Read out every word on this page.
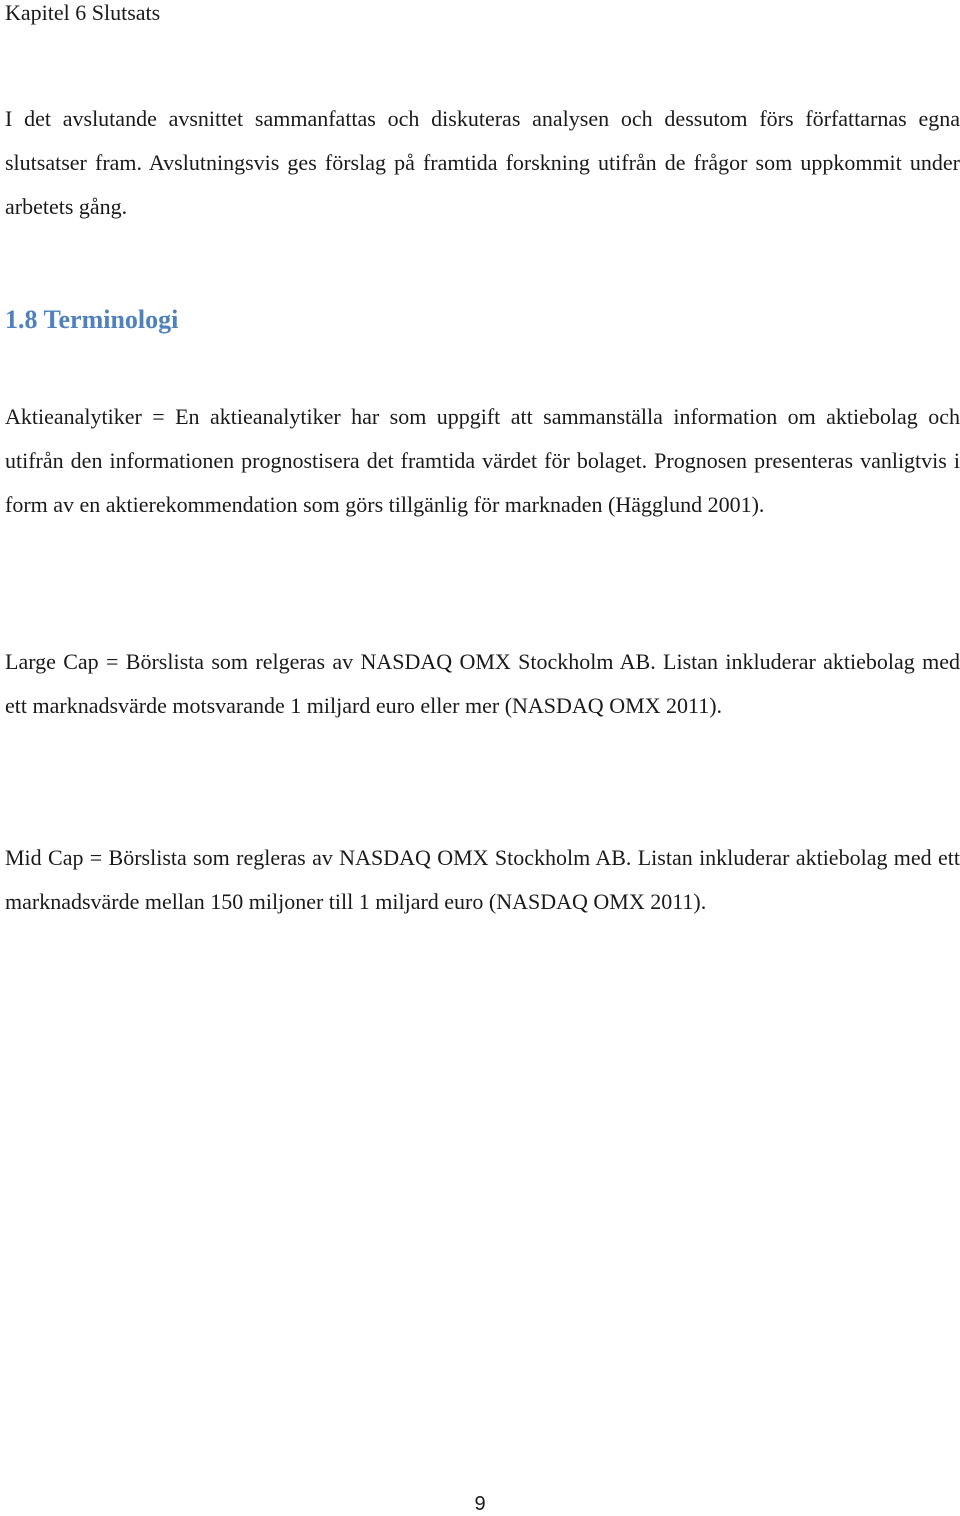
Kapitel 6 Slutsats

I det avslutande avsnittet sammanfattas och diskuteras analysen och dessutom förs författarnas egna slutsatser fram. Avslutningsvis ges förslag på framtida forskning utifrån de frågor som uppkommit under arbetets gång.

1.8 Terminologi

Aktieanalytiker = En aktieanalytiker har som uppgift att sammanställa information om aktiebolag och utifrån den informationen prognostisera det framtida värdet för bolaget. Prognosen presenteras vanligtvis i form av en aktierekommendation som görs tillgänlig för marknaden (Hägglund 2001).

Large Cap = Börslista som relgeras av NASDAQ OMX Stockholm AB. Listan inkluderar aktiebolag med ett marknadsvärde motsvarande 1 miljard euro eller mer (NASDAQ OMX 2011).

Mid Cap = Börslista som regleras av NASDAQ OMX Stockholm AB. Listan inkluderar aktiebolag med ett marknadsvärde mellan 150 miljoner till 1 miljard euro (NASDAQ OMX 2011).

9
